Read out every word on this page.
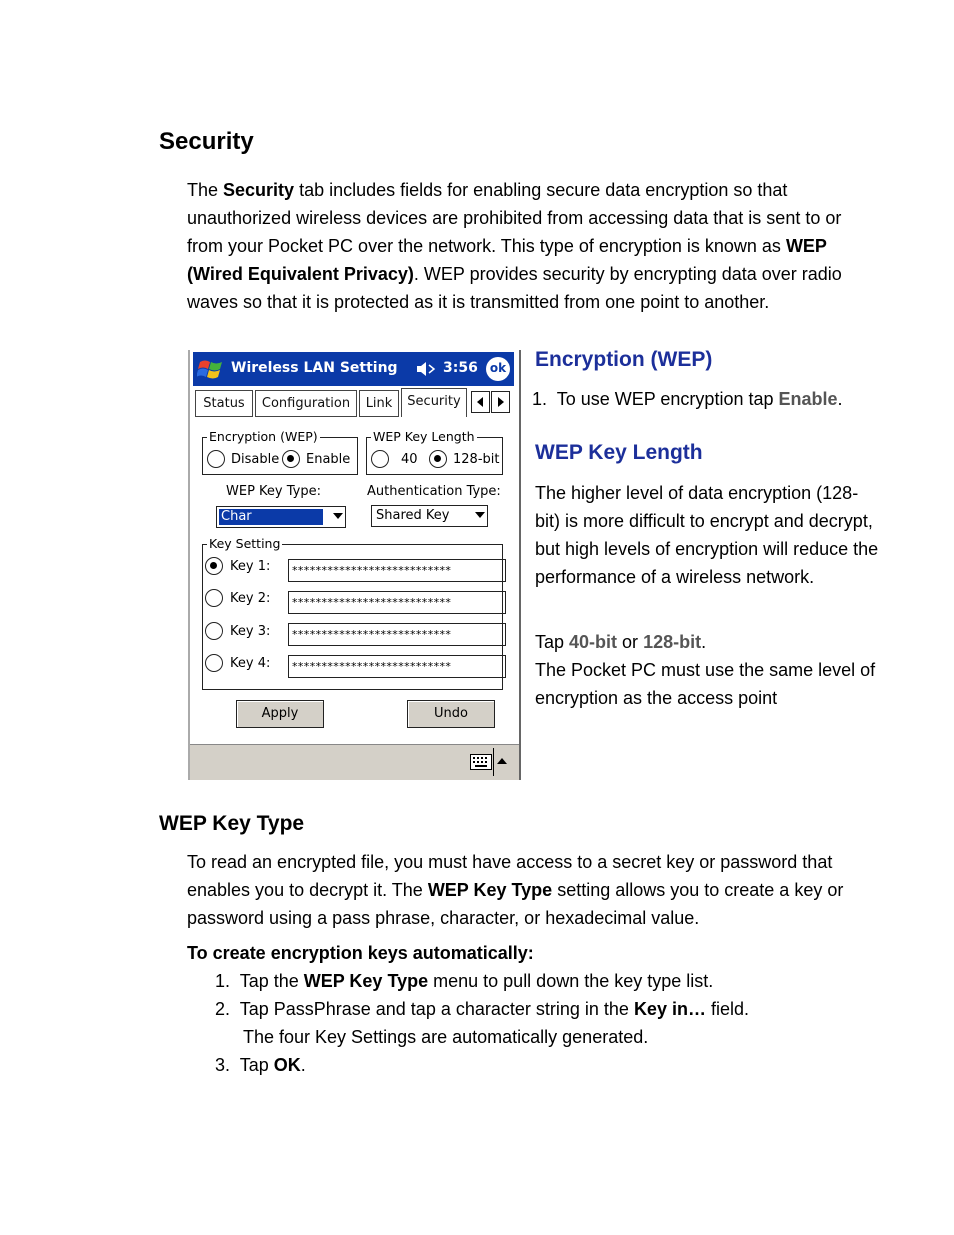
Security
The Security tab includes fields for enabling secure data encryption so that unauthorized wireless devices are prohibited from accessing data that is sent to or from your Pocket PC over the network. This type of encryption is known as WEP (Wired Equivalent Privacy). WEP provides security by encrypting data over radio waves so that it is protected as it is transmitted from one point to another.
Wireless LAN Setting	3:56	ok
Status	Configuration	Link	Security
Encryption (WEP)
Disable Enable
WEP Key Length
40	128-bit
WEP Key Type:	Authentication Type:
Char	Shared Key
Key Setting
Key 1:	***************************
Key 2:	***************************
Key 3:	***************************
Key 4:	***************************
Apply	Undo
Encryption (WEP)
1. To use WEP encryption tap Enable.
WEP Key Length
The higher level of data encryption (128-bit) is more difficult to encrypt and decrypt, but high levels of encryption will reduce the performance of a wireless network.
Tap 40-bit or 128-bit.
The Pocket PC must use the same level of encryption as the access point
WEP Key Type
To read an encrypted file, you must have access to a secret key or password that enables you to decrypt it. The WEP Key Type setting allows you to create a key or password using a pass phrase, character, or hexadecimal value.
To create encryption keys automatically:
1. Tap the WEP Key Type menu to pull down the key type list.
2. Tap PassPhrase and tap a character string in the Key in… field.
The four Key Settings are automatically generated.
3. Tap OK.
